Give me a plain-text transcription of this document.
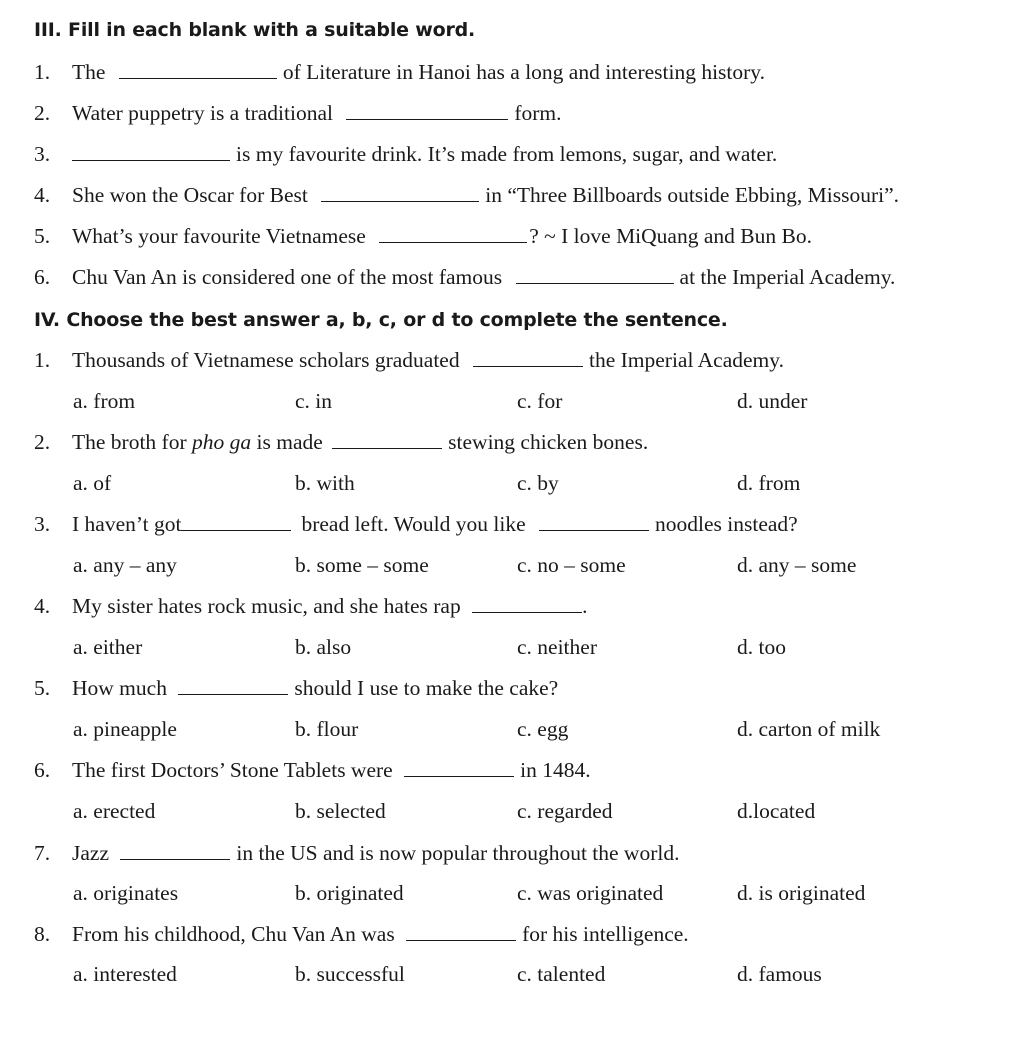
III. Fill in each blank with a suitable word.
1. The	of Literature in Hanoi has a long and interesting history.
2. Water puppetry is a traditional	form.
3.	is my favourite drink. It’s made from lemons, sugar, and water.
4. She won the Oscar for Best	in “Three Billboards outside Ebbing, Missouri”.
5. What’s your favourite Vietnamese	? ~ I love MiQuang and Bun Bo.
6. Chu Van An is considered one of the most famous	at the Imperial Academy.
IV. Choose the best answer a, b, c, or d to complete the sentence.
1. Thousands of Vietnamese scholars graduated	the Imperial Academy.
a. from	c. in	c. for	d. under
2. The broth for pho ga is made	stewing chicken bones.
a. of	b. with	c. by	d. from
3. I haven’t got	bread left. Would you like	noodles instead?
a. any – any	b. some – some	c. no – some	d. any – some
4. My sister hates rock music, and she hates rap	.
a. either	b. also	c. neither	d. too
5. How much	should I use to make the cake?
a. pineapple	b. flour	c. egg	d. carton of milk
6. The first Doctors’ Stone Tablets were	in 1484.
a. erected	b. selected	c. regarded	d.located
7. Jazz	in the US and is now popular throughout the world.
a. originates	b. originated	c. was originated	d. is originated
8. From his childhood, Chu Van An was	for his intelligence.
a. interested	b. successful	c. talented	d. famous
